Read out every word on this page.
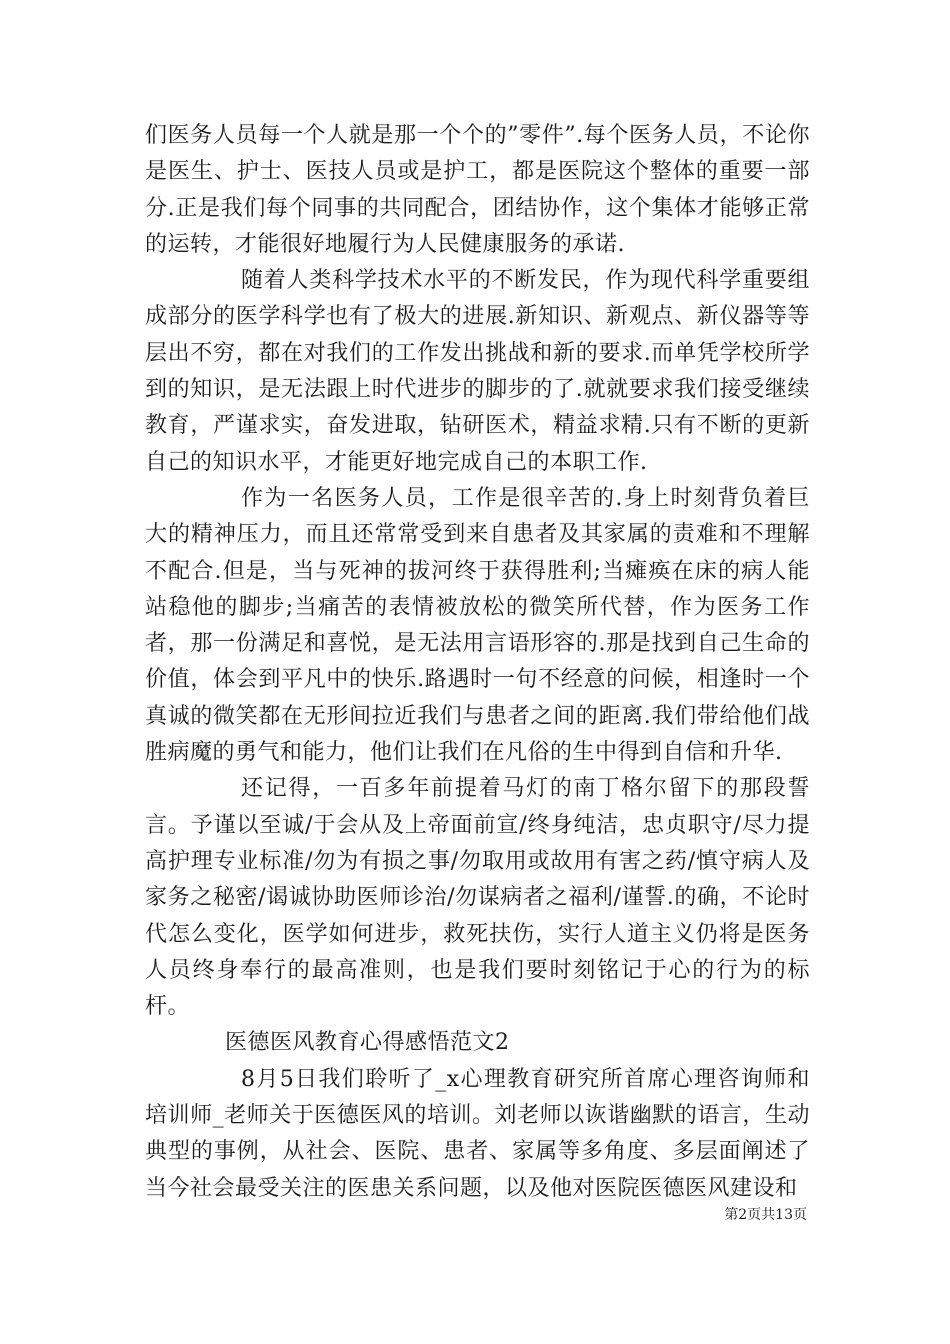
们医务人员每一个人就是那一个个的”零件”.每个医务人员，不论你是医生、护士、医技人员或是护工，都是医院这个整体的重要一部分.正是我们每个同事的共同配合，团结协作，这个集体才能够正常的运转，才能很好地履行为人民健康服务的承诺.

随着人类科学技术水平的不断发民，作为现代科学重要组成部分的医学科学也有了极大的进展.新知识、新观点、新仪器等等层出不穷，都在对我们的工作发出挑战和新的要求.而单凭学校所学到的知识，是无法跟上时代进步的脚步的了.就就要求我们接受继续教育，严谨求实，奋发进取，钻研医术，精益求精.只有不断的更新自己的知识水平，才能更好地完成自己的本职工作.

作为一名医务人员，工作是很辛苦的.身上时刻背负着巨大的精神压力，而且还常常受到来自患者及其家属的责难和不理解不配合.但是，当与死神的拔河终于获得胜利;当瘫痪在床的病人能站稳他的脚步;当痛苦的表情被放松的微笑所代替，作为医务工作者，那一份满足和喜悦，是无法用言语形容的.那是找到自己生命的价值，体会到平凡中的快乐.路遇时一句不经意的问候，相逢时一个真诚的微笑都在无形间拉近我们与患者之间的距离.我们带给他们战胜病魔的勇气和能力，他们让我们在凡俗的生中得到自信和升华.

还记得，一百多年前提着马灯的南丁格尔留下的那段誓言。予谨以至诚/于会从及上帝面前宣/终身纯洁，忠贞职守/尽力提高护理专业标准/勿为有损之事/勿取用或故用有害之药/慎守病人及家务之秘密/谒诚协助医师诊治/勿谋病者之福利/谨誓.的确，不论时代怎么变化，医学如何进步，救死扶伤，实行人道主义仍将是医务人员终身奉行的最高准则，也是我们要时刻铭记于心的行为的标杆。

医德医风教育心得感悟范文2

8月5日我们聆听了_x心理教育研究所首席心理咨询师和培训师_老师关于医德医风的培训。刘老师以诙谐幽默的语言，生动典型的事例，从社会、医院、患者、家属等多角度、多层面阐述了当今社会最受关注的医患关系问题，以及他对医院医德医风建设和

第2页共13页
